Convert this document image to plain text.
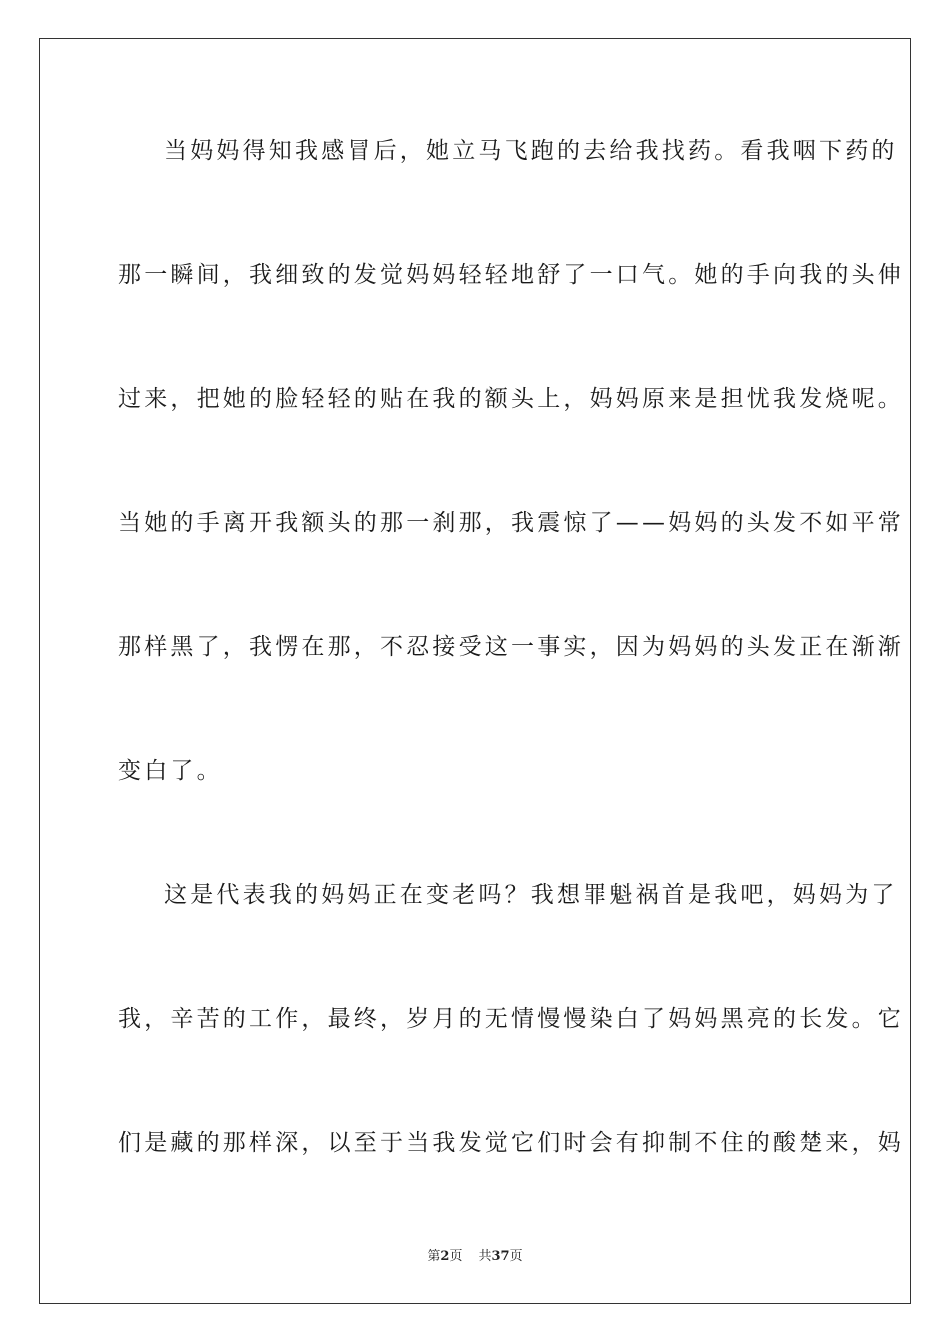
当妈妈得知我感冒后，她立马飞跑的去给我找药。看我咽下药的
那一瞬间，我细致的发觉妈妈轻轻地舒了一口气。她的手向我的头伸
过来，把她的脸轻轻的贴在我的额头上，妈妈原来是担忧我发烧呢。
当她的手离开我额头的那一刹那，我震惊了——妈妈的头发不如平常
那样黑了，我愣在那，不忍接受这一事实，因为妈妈的头发正在渐渐
变白了。
这是代表我的妈妈正在变老吗？我想罪魁祸首是我吧，妈妈为了
我，辛苦的工作，最终，岁月的无情慢慢染白了妈妈黑亮的长发。它
们是藏的那样深，以至于当我发觉它们时会有抑制不住的酸楚来，妈
第2页 共37页
